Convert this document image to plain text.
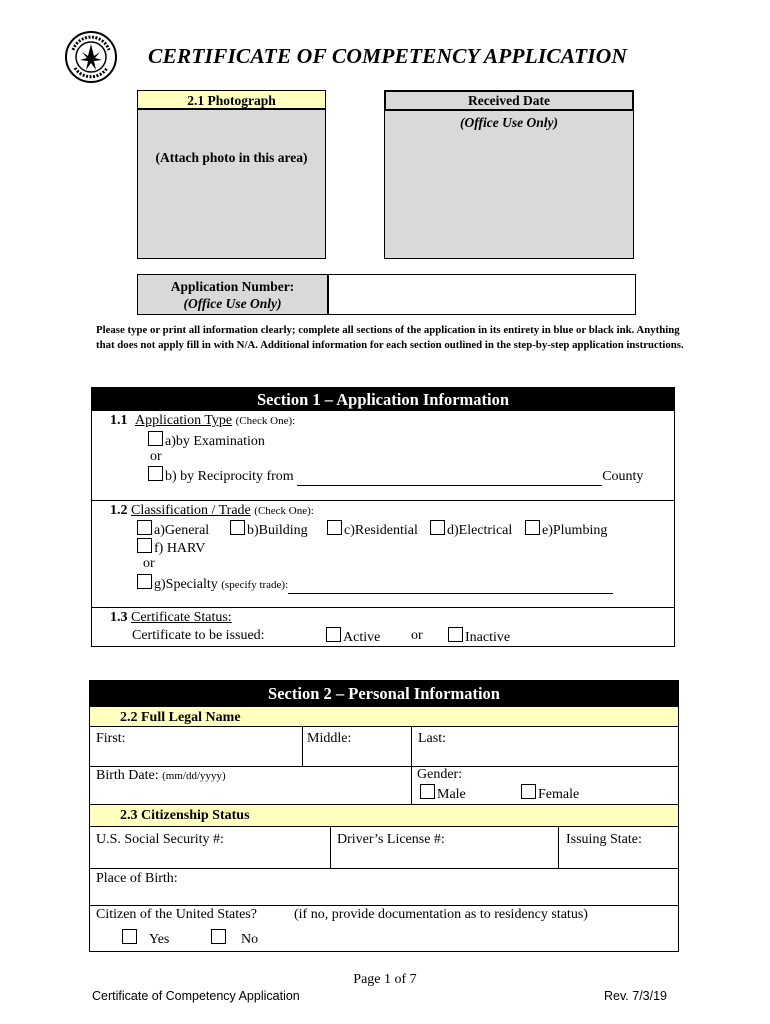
CERTIFICATE OF COMPETENCY APPLICATION
(Attach photo in this area)
2.1 Photograph	Received Date
(Office Use Only)
Application Number:
(Office Use Only)
Please type or print all information clearly; complete all sections of the application in its entirety in blue or black ink. Anything that does not apply fill in with N/A. Additional information for each section outlined in the step-by-step application instructions.
Section 1 – Application Information
1.1 Application Type (Check One):
a)by Examination
or
b) by Reciprocity from	County
1.2 Classification / Trade (Check One):
a)General	b)Building	c)Residential	d)Electrical	e)Plumbing
f) HARV
or
g)Specialty (specify trade):
1.3 Certificate Status:
Certificate to be issued:	Active or	Inactive
Section 2 – Personal Information
2.2 Full Legal Name
First:	Middle:	Last:
Birth Date: (mm/dd/yyyy)	Gender:
Male	Female
2.3 Citizenship Status
U.S. Social Security #:	Driver’s License #:	Issuing State:
Place of Birth:
Citizen of the United States?	(if no, provide documentation as to residency status)
Yes	No
Page 1 of 7
Certificate of Competency Application	Rev. 7/3/19
